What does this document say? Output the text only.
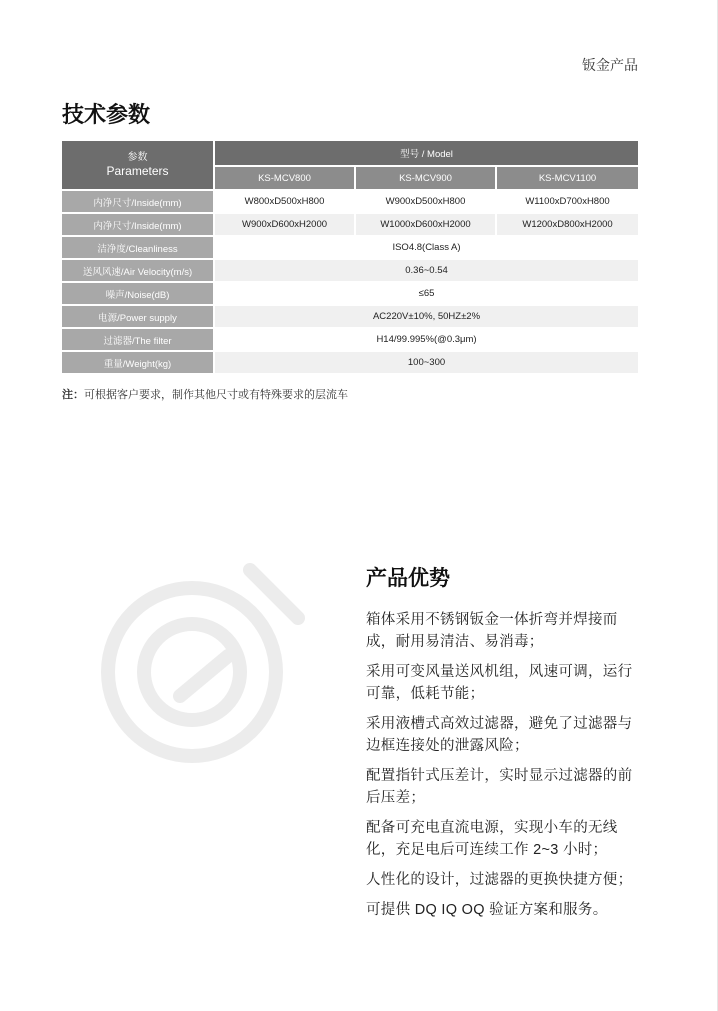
钣金产品
技术参数
参数
Parameters	型号 / Model		
	KS-MCV800	KS-MCV900	KS-MCV1100
内净尺寸/Inside(mm)	W800xD500xH800	W900xD500xH800	W1100xD700xH800
内净尺寸/Inside(mm)	W900xD600xH2000	W1000xD600xH2000	W1200xD800xH2000
洁净度/Cleanliness	ISO4.8(Class A)		
送风风速/Air Velocity(m/s)	0.36~0.54		
噪声/Noise(dB)	≤65		
电源/Power supply	AC220V±10%, 50HZ±2%		
过滤器/The filter	H14/99.995%(@0.3μm)		
重量/Weight(kg)	100~300		
注：可根据客户要求，制作其他尺寸或有特殊要求的层流车
产品优势
箱体采用不锈钢钣金一体折弯并焊接而成，耐用易清洁、易消毒；
采用可变风量送风机组，风速可调，运行可靠，低耗节能；
采用液槽式高效过滤器，避免了过滤器与边框连接处的泄露风险；
配置指针式压差计，实时显示过滤器的前后压差；
配备可充电直流电源，实现小车的无线化，充足电后可连续工作 2~3 小时；
人性化的设计，过滤器的更换快捷方便；
可提供 DQ IQ OQ 验证方案和服务。
